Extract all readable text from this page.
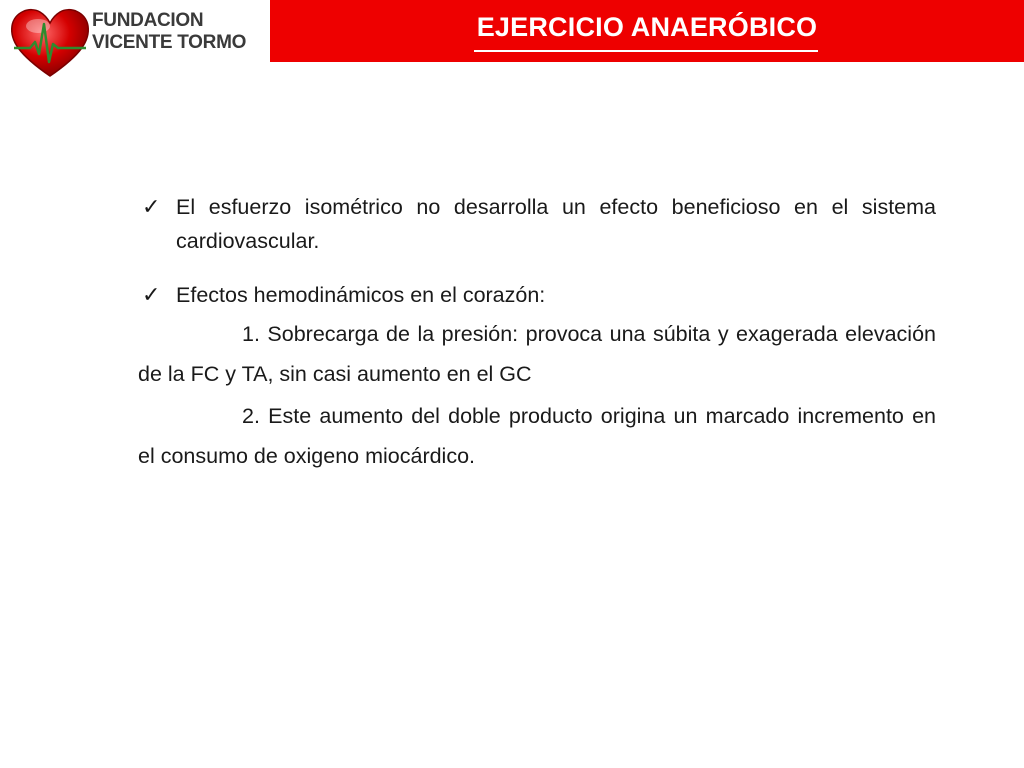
FUNDACION
VICENTE TORMO
EJERCICIO ANAERÓBICO
✓ El esfuerzo isométrico no desarrolla un efecto beneficioso en el sistema cardiovascular.
✓ Efectos hemodinámicos en el corazón:

1. Sobrecarga de la presión: provoca una súbita y exagerada elevación de la FC y TA, sin casi aumento en el GC

2. Este aumento del doble producto origina un marcado incremento en el consumo de oxigeno miocárdico.
